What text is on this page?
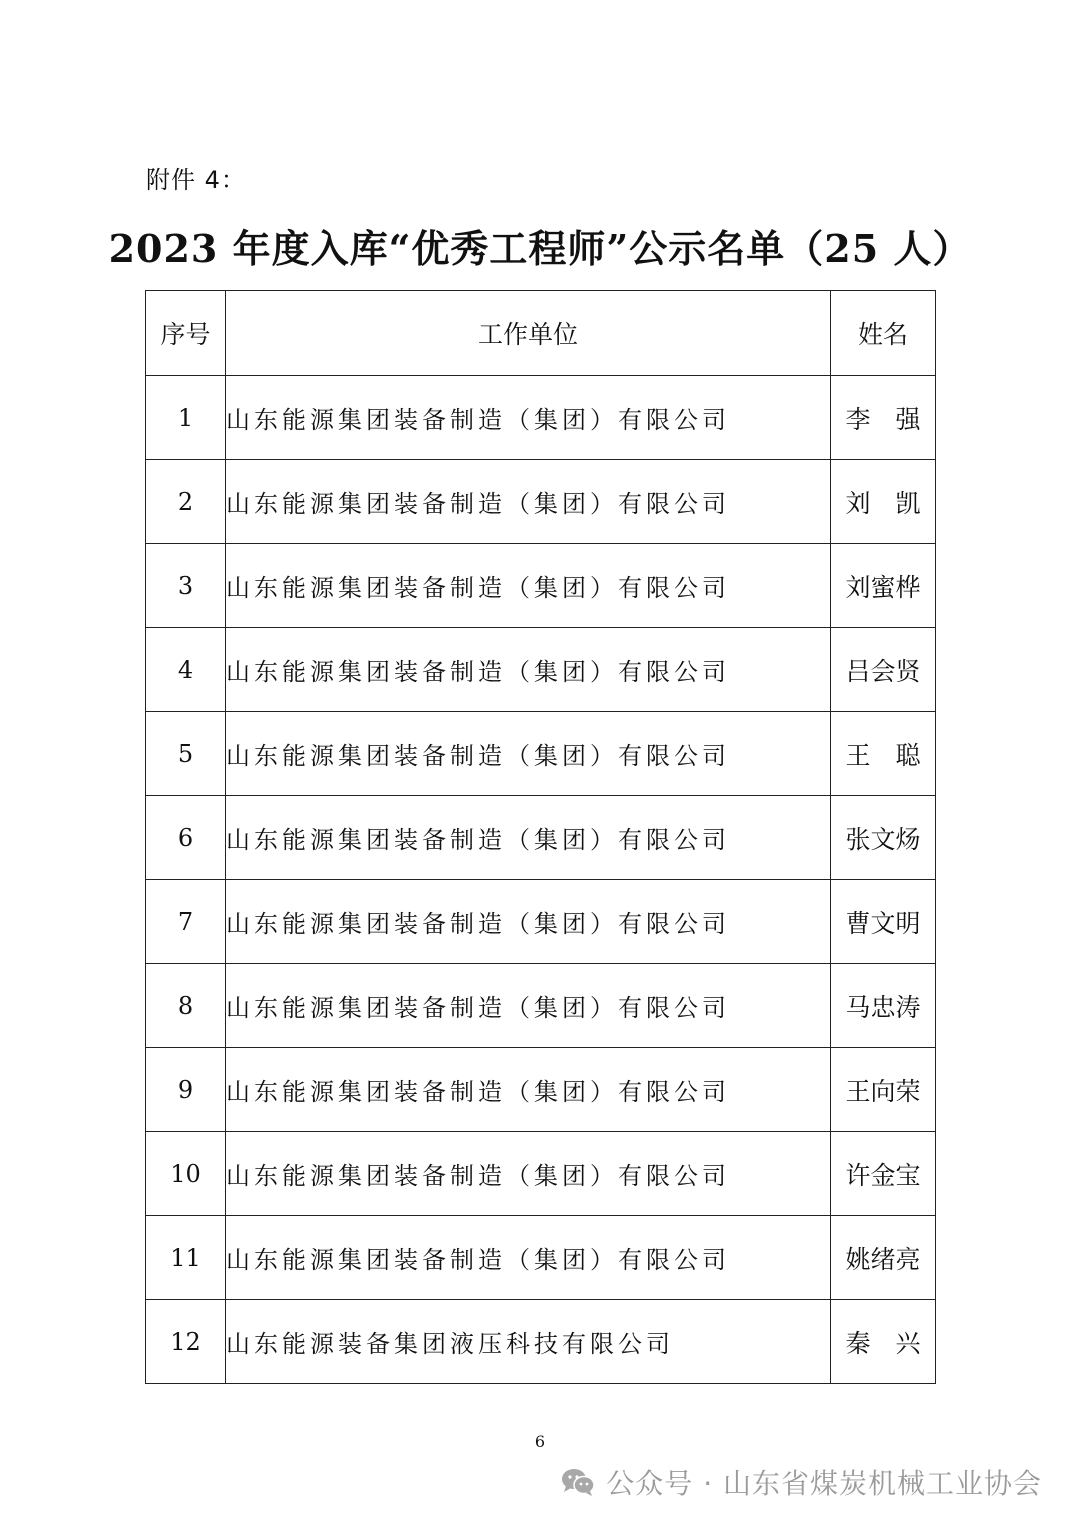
附件 4：
2023 年度入库“优秀工程师”公示名单（25 人）
序号	工作单位	姓名
1	山东能源集团装备制造（集团）有限公司	李　强
2	山东能源集团装备制造（集团）有限公司	刘　凯
3	山东能源集团装备制造（集团）有限公司	刘蜜桦
4	山东能源集团装备制造（集团）有限公司	吕会贤
5	山东能源集团装备制造（集团）有限公司	王　聪
6	山东能源集团装备制造（集团）有限公司	张文炀
7	山东能源集团装备制造（集团）有限公司	曹文明
8	山东能源集团装备制造（集团）有限公司	马忠涛
9	山东能源集团装备制造（集团）有限公司	王向荣
10	山东能源集团装备制造（集团）有限公司	许金宝
11	山东能源集团装备制造（集团）有限公司	姚绪亮
12	山东能源装备集团液压科技有限公司	秦　兴
6
公众号 · 山东省煤炭机械工业协会
